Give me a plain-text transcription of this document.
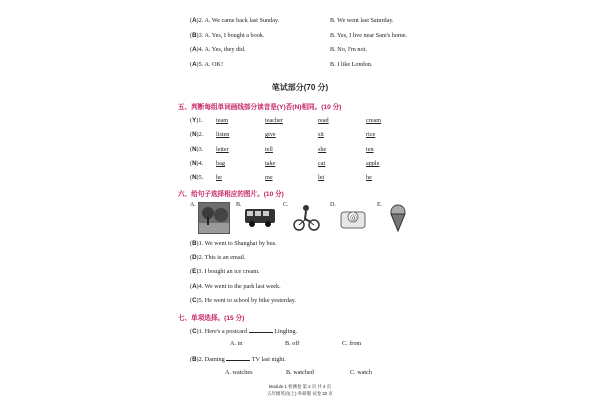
(A)2. A. We came back last Sunday.	B. We went last Saturday.
(B)3. A. Yes, I bought a book.	B. Yes, I live near Sam's home.
(A)4. A. Yes, they did.	B. No, I'm not.
(A)5. A. OK!	B. I like London.
笔试部分(70 分)
五、判断每组单词画线部分读音是(Y)否(N)相同。(10 分)
(Y)1. team	teacher	read	cream
(N)2. listen	give	sit	rice
(N)3. letter	tell	she	ten
(N)4. bag	take	cat	apple
(N)5. he	me	let	he
六、给句子选择相应的图片。(10 分)
A.	B.	C.	D.
@
E.
(B)1. We went to Shanghai by bus.
(D)2. This is an email.
(E)3. I bought an ice cream.
(A)4. We went to the park last week.
(C)5. He went to school by bike yesterday.
七、单项选择。(15 分)
(C)1. Here's a postcard	Lingling.
A. in	B. off	C. from
(B)2. Daming	TV last night.
A. watches	B. watched	C. watch
Module 1 检测卷 第 2 页 共 4 页
五年级英语(上)·外研版 试卷 32 页
